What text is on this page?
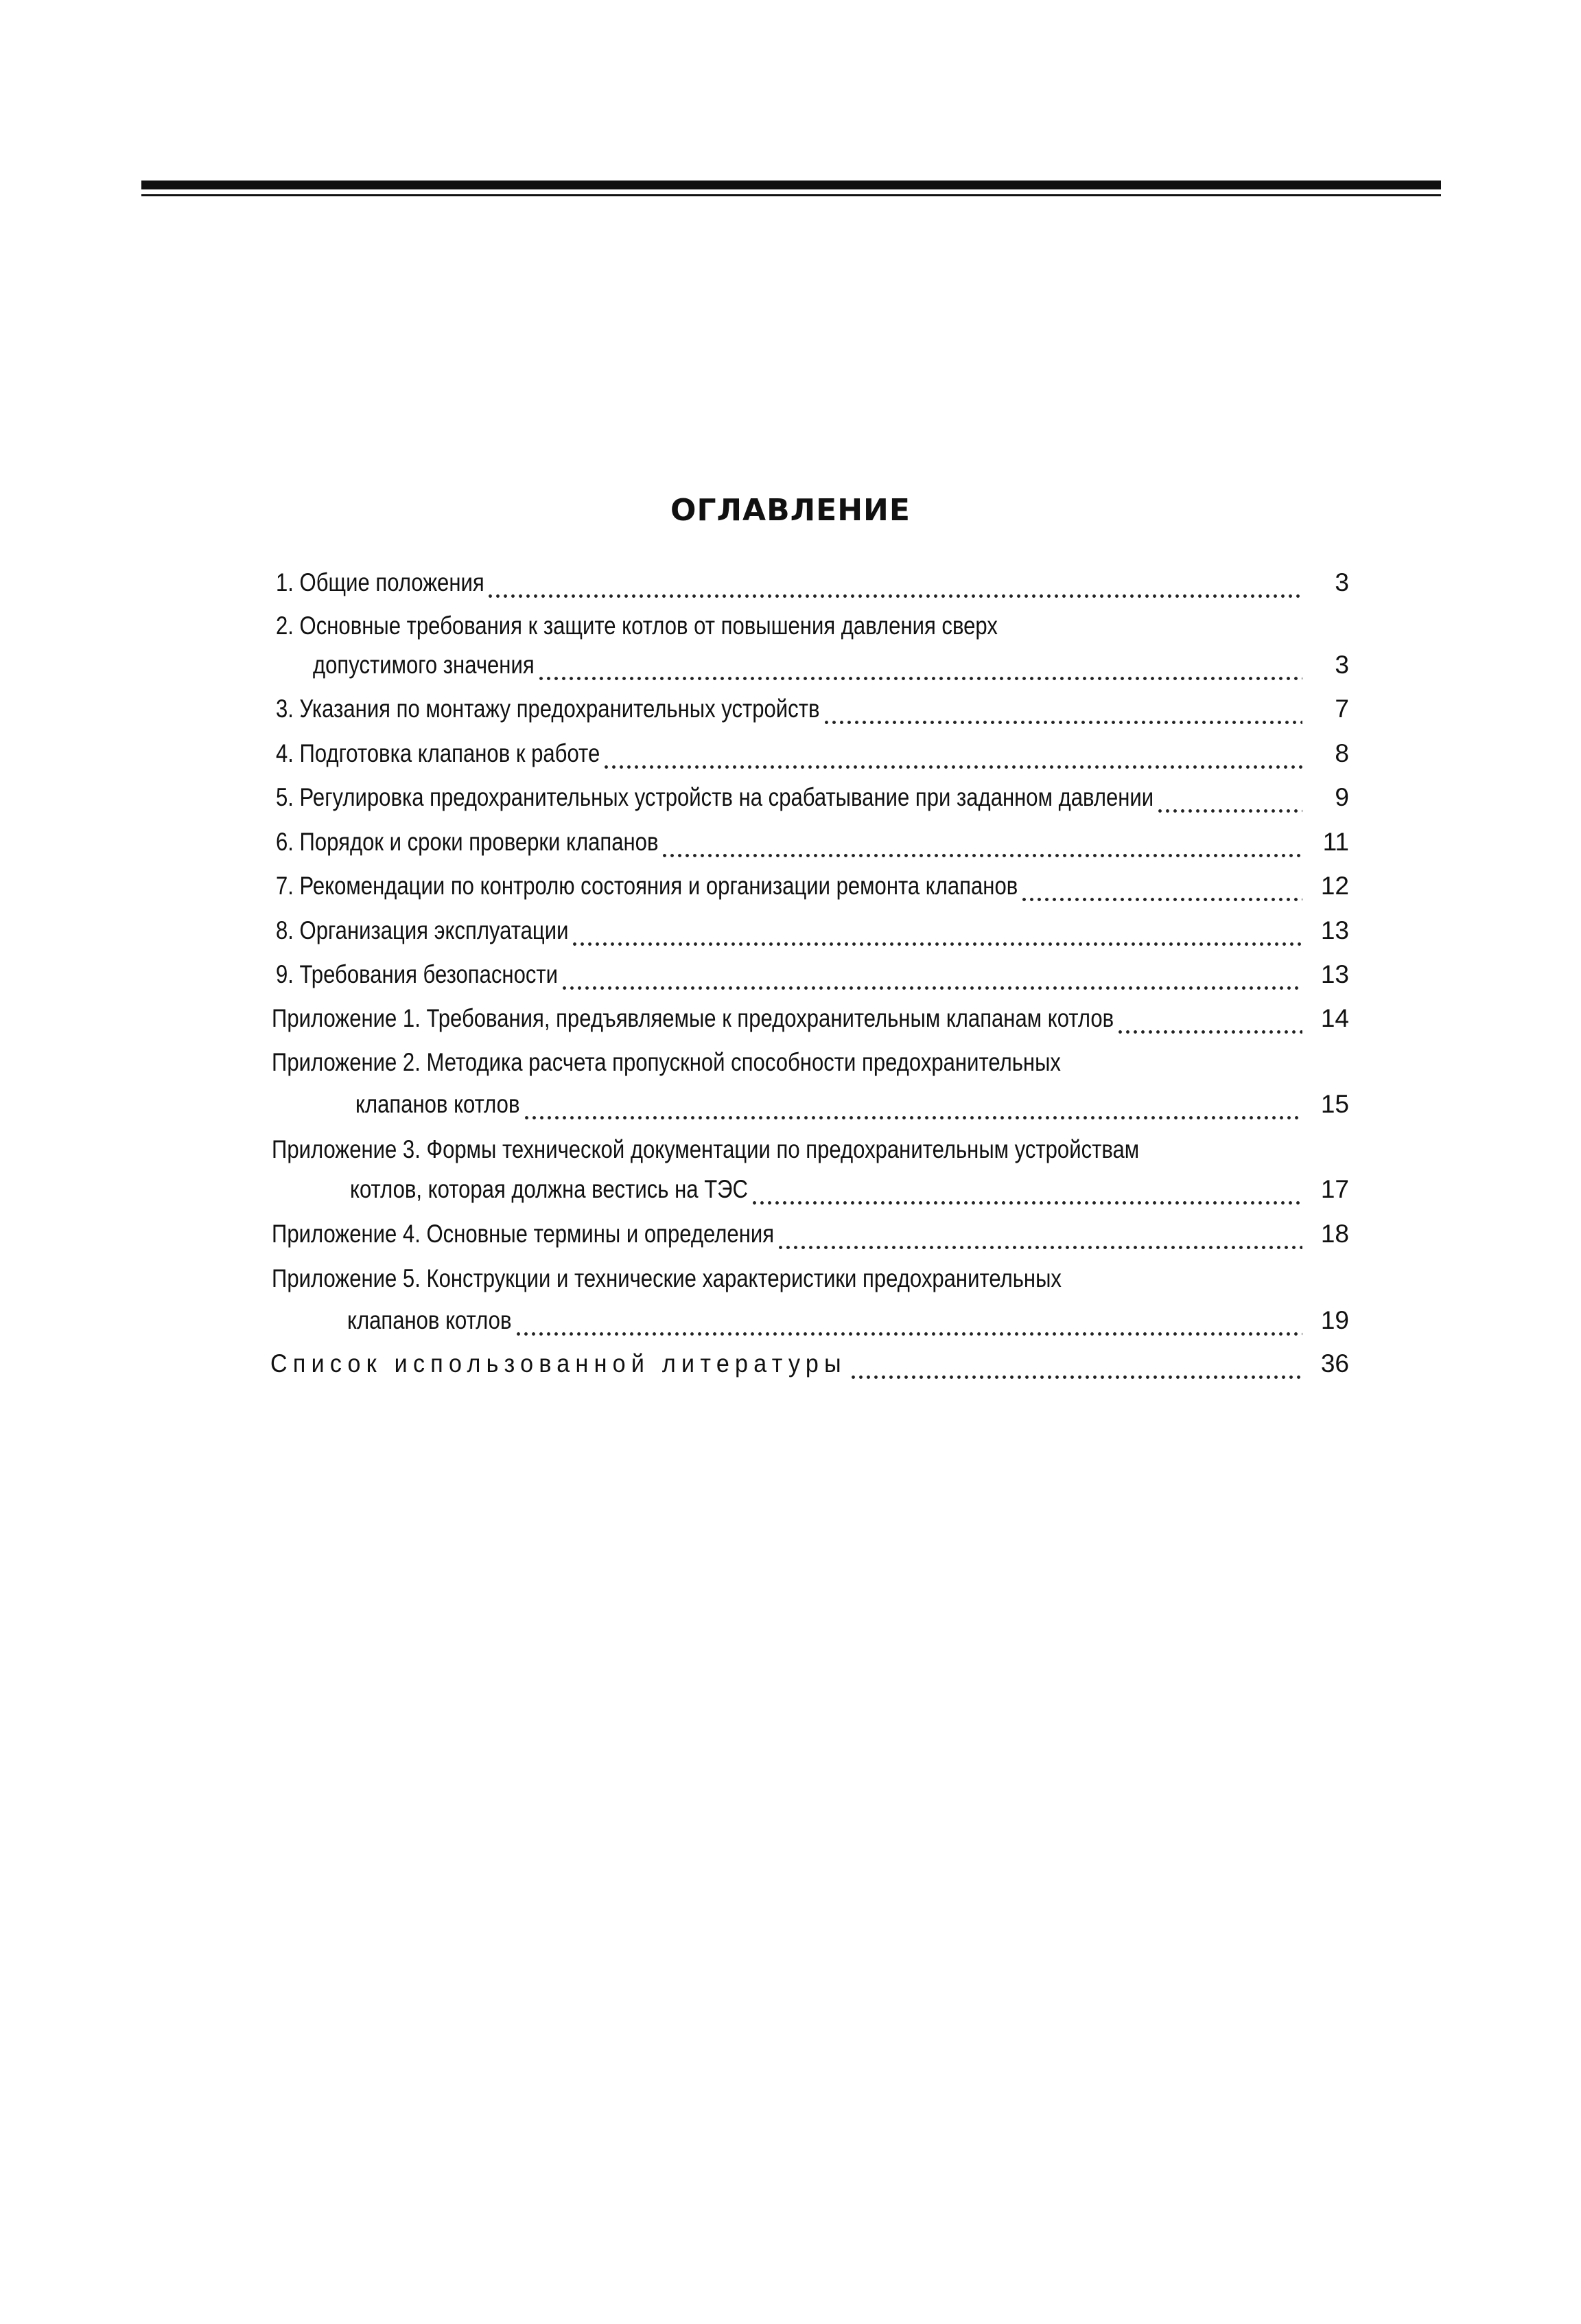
ОГЛАВЛЕНИЕ
1. Общие положения	3
2. Основные требования к защите котлов от повышения давления сверх
допустимого значения	3
3. Указания по монтажу предохранительных устройств	7
4. Подготовка клапанов к работе	8
5. Регулировка предохранительных устройств на срабатывание при заданном давлении	9
6. Порядок и сроки проверки клапанов	11
7. Рекомендации по контролю состояния и организации ремонта клапанов	12
8. Организация эксплуатации	13
9. Требования безопасности	13
Приложение 1. Требования, предъявляемые к предохранительным клапанам котлов	14
Приложение 2. Методика расчета пропускной способности предохранительных
клапанов котлов	15
Приложение 3. Формы технической документации по предохранительным устройствам
котлов, которая должна вестись на ТЭС	17
Приложение 4. Основные термины и определения	18
Приложение 5. Конструкции и технические характеристики предохранительных
клапанов котлов	19
Список использованной литературы	36
